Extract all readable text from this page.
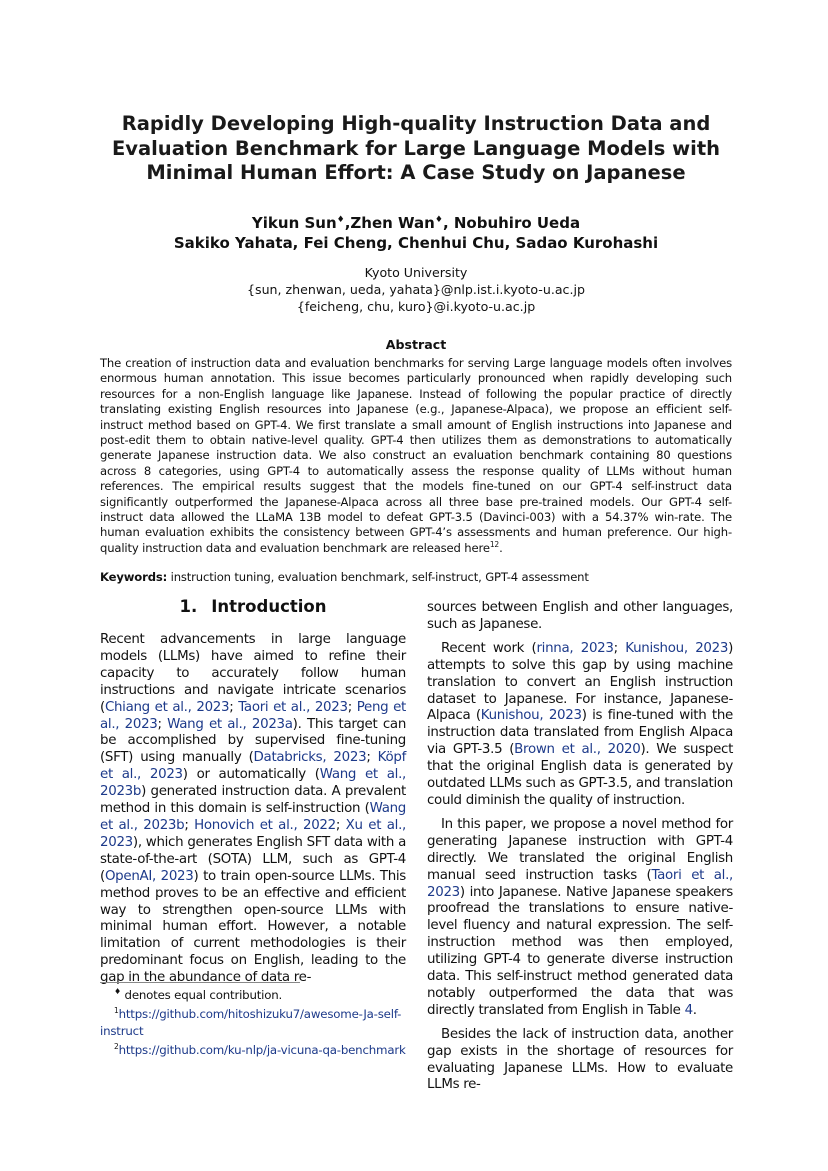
Rapidly Developing High-quality Instruction Data and
Evaluation Benchmark for Large Language Models with
Minimal Human Effort: A Case Study on Japanese
Yikun Sun♦,Zhen Wan♦, Nobuhiro Ueda
Sakiko Yahata, Fei Cheng, Chenhui Chu, Sadao Kurohashi
Kyoto University
{sun, zhenwan, ueda, yahata}@nlp.ist.i.kyoto-u.ac.jp
{feicheng, chu, kuro}@i.kyoto-u.ac.jp
Abstract
The creation of instruction data and evaluation benchmarks for serving Large language models often involves enormous human annotation. This issue becomes particularly pronounced when rapidly developing such resources for a non-English language like Japanese. Instead of following the popular practice of directly translating existing English resources into Japanese (e.g., Japanese-Alpaca), we propose an efficient self-instruct method based on GPT-4. We first translate a small amount of English instructions into Japanese and post-edit them to obtain native-level quality. GPT-4 then utilizes them as demonstrations to automatically generate Japanese instruction data. We also construct an evaluation benchmark containing 80 questions across 8 categories, using GPT-4 to automatically assess the response quality of LLMs without human references. The empirical results suggest that the models fine-tuned on our GPT-4 self-instruct data significantly outperformed the Japanese-Alpaca across all three base pre-trained models. Our GPT-4 self-instruct data allowed the LLaMA 13B model to defeat GPT-3.5 (Davinci-003) with a 54.37% win-rate. The human evaluation exhibits the consistency between GPT-4’s assessments and human preference. Our high-quality instruction data and evaluation benchmark are released here$^{12}$.
Keywords: instruction tuning, evaluation benchmark, self-instruct, GPT-4 assessment
1. Introduction

Recent advancements in large language models (LLMs) have aimed to refine their capacity to accurately follow human instructions and navigate intricate scenarios (Chiang et al., 2023; Taori et al., 2023; Peng et al., 2023; Wang et al., 2023a). This target can be accomplished by supervised fine-tuning (SFT) using manually (Databricks, 2023; Köpf et al., 2023) or automatically (Wang et al., 2023b) generated instruction data. A prevalent method in this domain is self-instruction (Wang et al., 2023b; Honovich et al., 2022; Xu et al., 2023), which generates English SFT data with a state-of-the-art (SOTA) LLM, such as GPT-4 (OpenAI, 2023) to train open-source LLMs. This method proves to be an effective and efficient way to strengthen open-source LLMs with minimal human effort. However, a notable limitation of current methodologies is their predominant focus on English, leading to the gap in the abundance of data re-

♦ denotes equal contribution.

$^1$https://github.com/hitoshizuku7/awesome-Ja-self-instruct

$^2$https://github.com/ku-nlp/ja-vicuna-qa-benchmark

sources between English and other languages, such as Japanese.

Recent work (rinna, 2023; Kunishou, 2023) attempts to solve this gap by using machine translation to convert an English instruction dataset to Japanese. For instance, Japanese-Alpaca (Kunishou, 2023) is fine-tuned with the instruction data translated from English Alpaca via GPT-3.5 (Brown et al., 2020). We suspect that the original English data is generated by outdated LLMs such as GPT-3.5, and translation could diminish the quality of instruction.

In this paper, we propose a novel method for generating Japanese instruction with GPT-4 directly. We translated the original English manual seed instruction tasks (Taori et al., 2023) into Japanese. Native Japanese speakers proofread the translations to ensure native-level fluency and natural expression. The self-instruction method was then employed, utilizing GPT-4 to generate diverse instruction data. This self-instruct method generated data notably outperformed the data that was directly translated from English in Table 4.

Besides the lack of instruction data, another gap exists in the shortage of resources for evaluating Japanese LLMs. How to evaluate LLMs re-
